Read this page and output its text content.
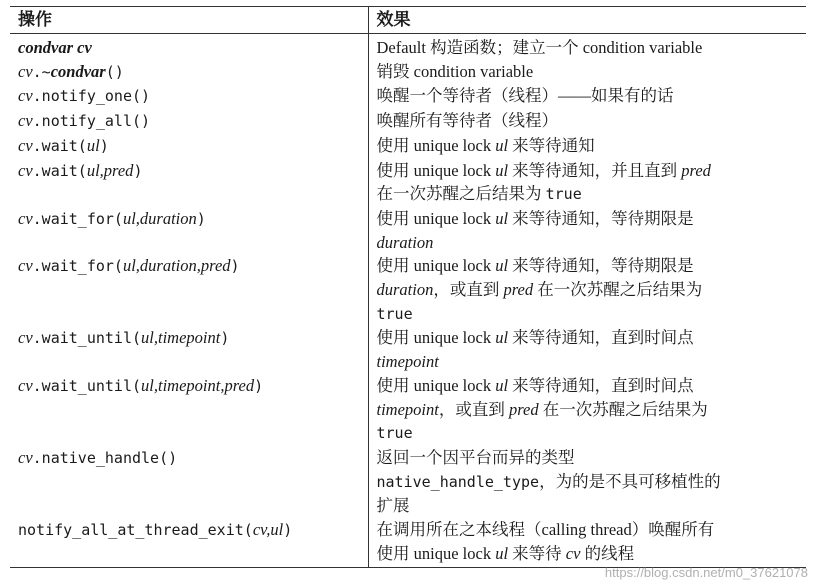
操作	效果
condvar cv	Default 构造函数；建立一个 condition variable

cv.~condvar()	销毁 condition variable

cv.notify_one()	唤醒一个等待者（线程）——如果有的话

cv.notify_all()	唤醒所有等待者（线程）

cv.wait(ul)	使用 unique lock ul 来等待通知

cv.wait(ul,pred)	使用 unique lock ul 来等待通知，并且直到 pred
在一次苏醒之后结果为 true

cv.wait_for(ul,duration)	使用 unique lock ul 来等待通知，等待期限是
duration

cv.wait_for(ul,duration,pred)	使用 unique lock ul 来等待通知，等待期限是
duration，或直到 pred 在一次苏醒之后结果为
true

cv.wait_until(ul,timepoint)	使用 unique lock ul 来等待通知，直到时间点
timepoint

cv.wait_until(ul,timepoint,pred)	使用 unique lock ul 来等待通知，直到时间点
timepoint，或直到 pred 在一次苏醒之后结果为
true

cv.native_handle()	返回一个因平台而异的类型
native_handle_type，为的是不具可移植性的
扩展

notify_all_at_thread_exit(cv,ul)	在调用所在之本线程（calling thread）唤醒所有
使用 unique lock ul 来等待 cv 的线程
https://blog.csdn.net/m0_37621078
